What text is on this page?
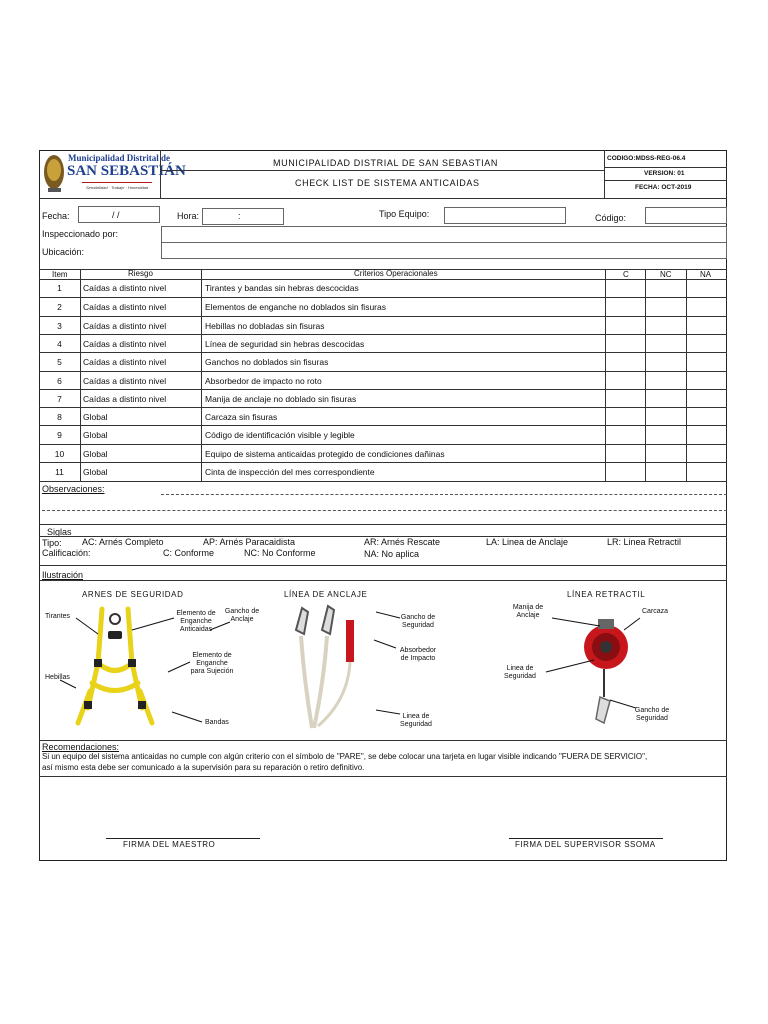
Municipalidad Distrital de
SAN SEBASTIÁN
Sensibilidad · Trabajo · Honestidad
MUNICIPALIDAD DISTRIAL DE SAN SEBASTIAN
CHECK LIST DE SISTEMA ANTICAIDAS
CODIGO:MDSS-REG-06.4
VERSION: 01
FECHA: OCT-2019
Fecha:	/ /	Hora:	:	Tipo Equipo:	Código:
Inspeccionado por:
Ubicación:
Item	Riesgo	Criterios Operacionales	C	NC	NA
1	Caídas a distinto nivel	Tirantes y bandas sin hebras descocidas
2	Caídas a distinto nivel	Elementos de enganche no doblados sin fisuras
3	Caídas a distinto nivel	Hebillas no dobladas sin fisuras
4	Caídas a distinto nivel	Línea de seguridad sin hebras descocidas
5	Caídas a distinto nivel	Ganchos no doblados sin fisuras
6	Caídas a distinto nivel	Absorbedor de impacto no roto
7	Caídas a distinto nivel	Manija de anclaje no doblado sin fisuras
8	Global	Carcaza sin fisuras
9	Global	Código de identificación visible y legible
10	Global	Equipo de sistema anticaidas protegido de condiciones dañinas
11	Global	Cinta de inspección del mes correspondiente
Observaciones:
Siglas
Tipo: AC: Arnés Completo	AP: Arnés Paracaidista	AR: Arnés Rescate	LA: Linea de Anclaje	LR: Linea Retractil
Calificación:	C: Conforme	NC: No Conforme	NA: No aplica
Ilustración
ARNES DE SEGURIDAD	LÍNEA DE ANCLAJE	LÍNEA RETRACTIL
Tirantes	Elemento de Enganche Anticaidas
Gancho de Anclaje
Elemento de Enganche para Sujeción
Hebillas
Bandas
Gancho de Seguridad
Absorbedor de Impacto
Linea de Seguridad
Manija de Anclaje
Carcaza
Linea de Seguridad
Gancho de Seguridad
Recomendaciones:
Si un equipo del sistema anticaidas no cumple con algún criterio con el símbolo de "PARE", se debe colocar una tarjeta en lugar visible indicando "FUERA DE SERVICIO",
así mismo esta debe ser comunicado a la supervisión para su reparación o retiro definitivo.
FIRMA DEL MAESTRO	FIRMA DEL SUPERVISOR SSOMA
